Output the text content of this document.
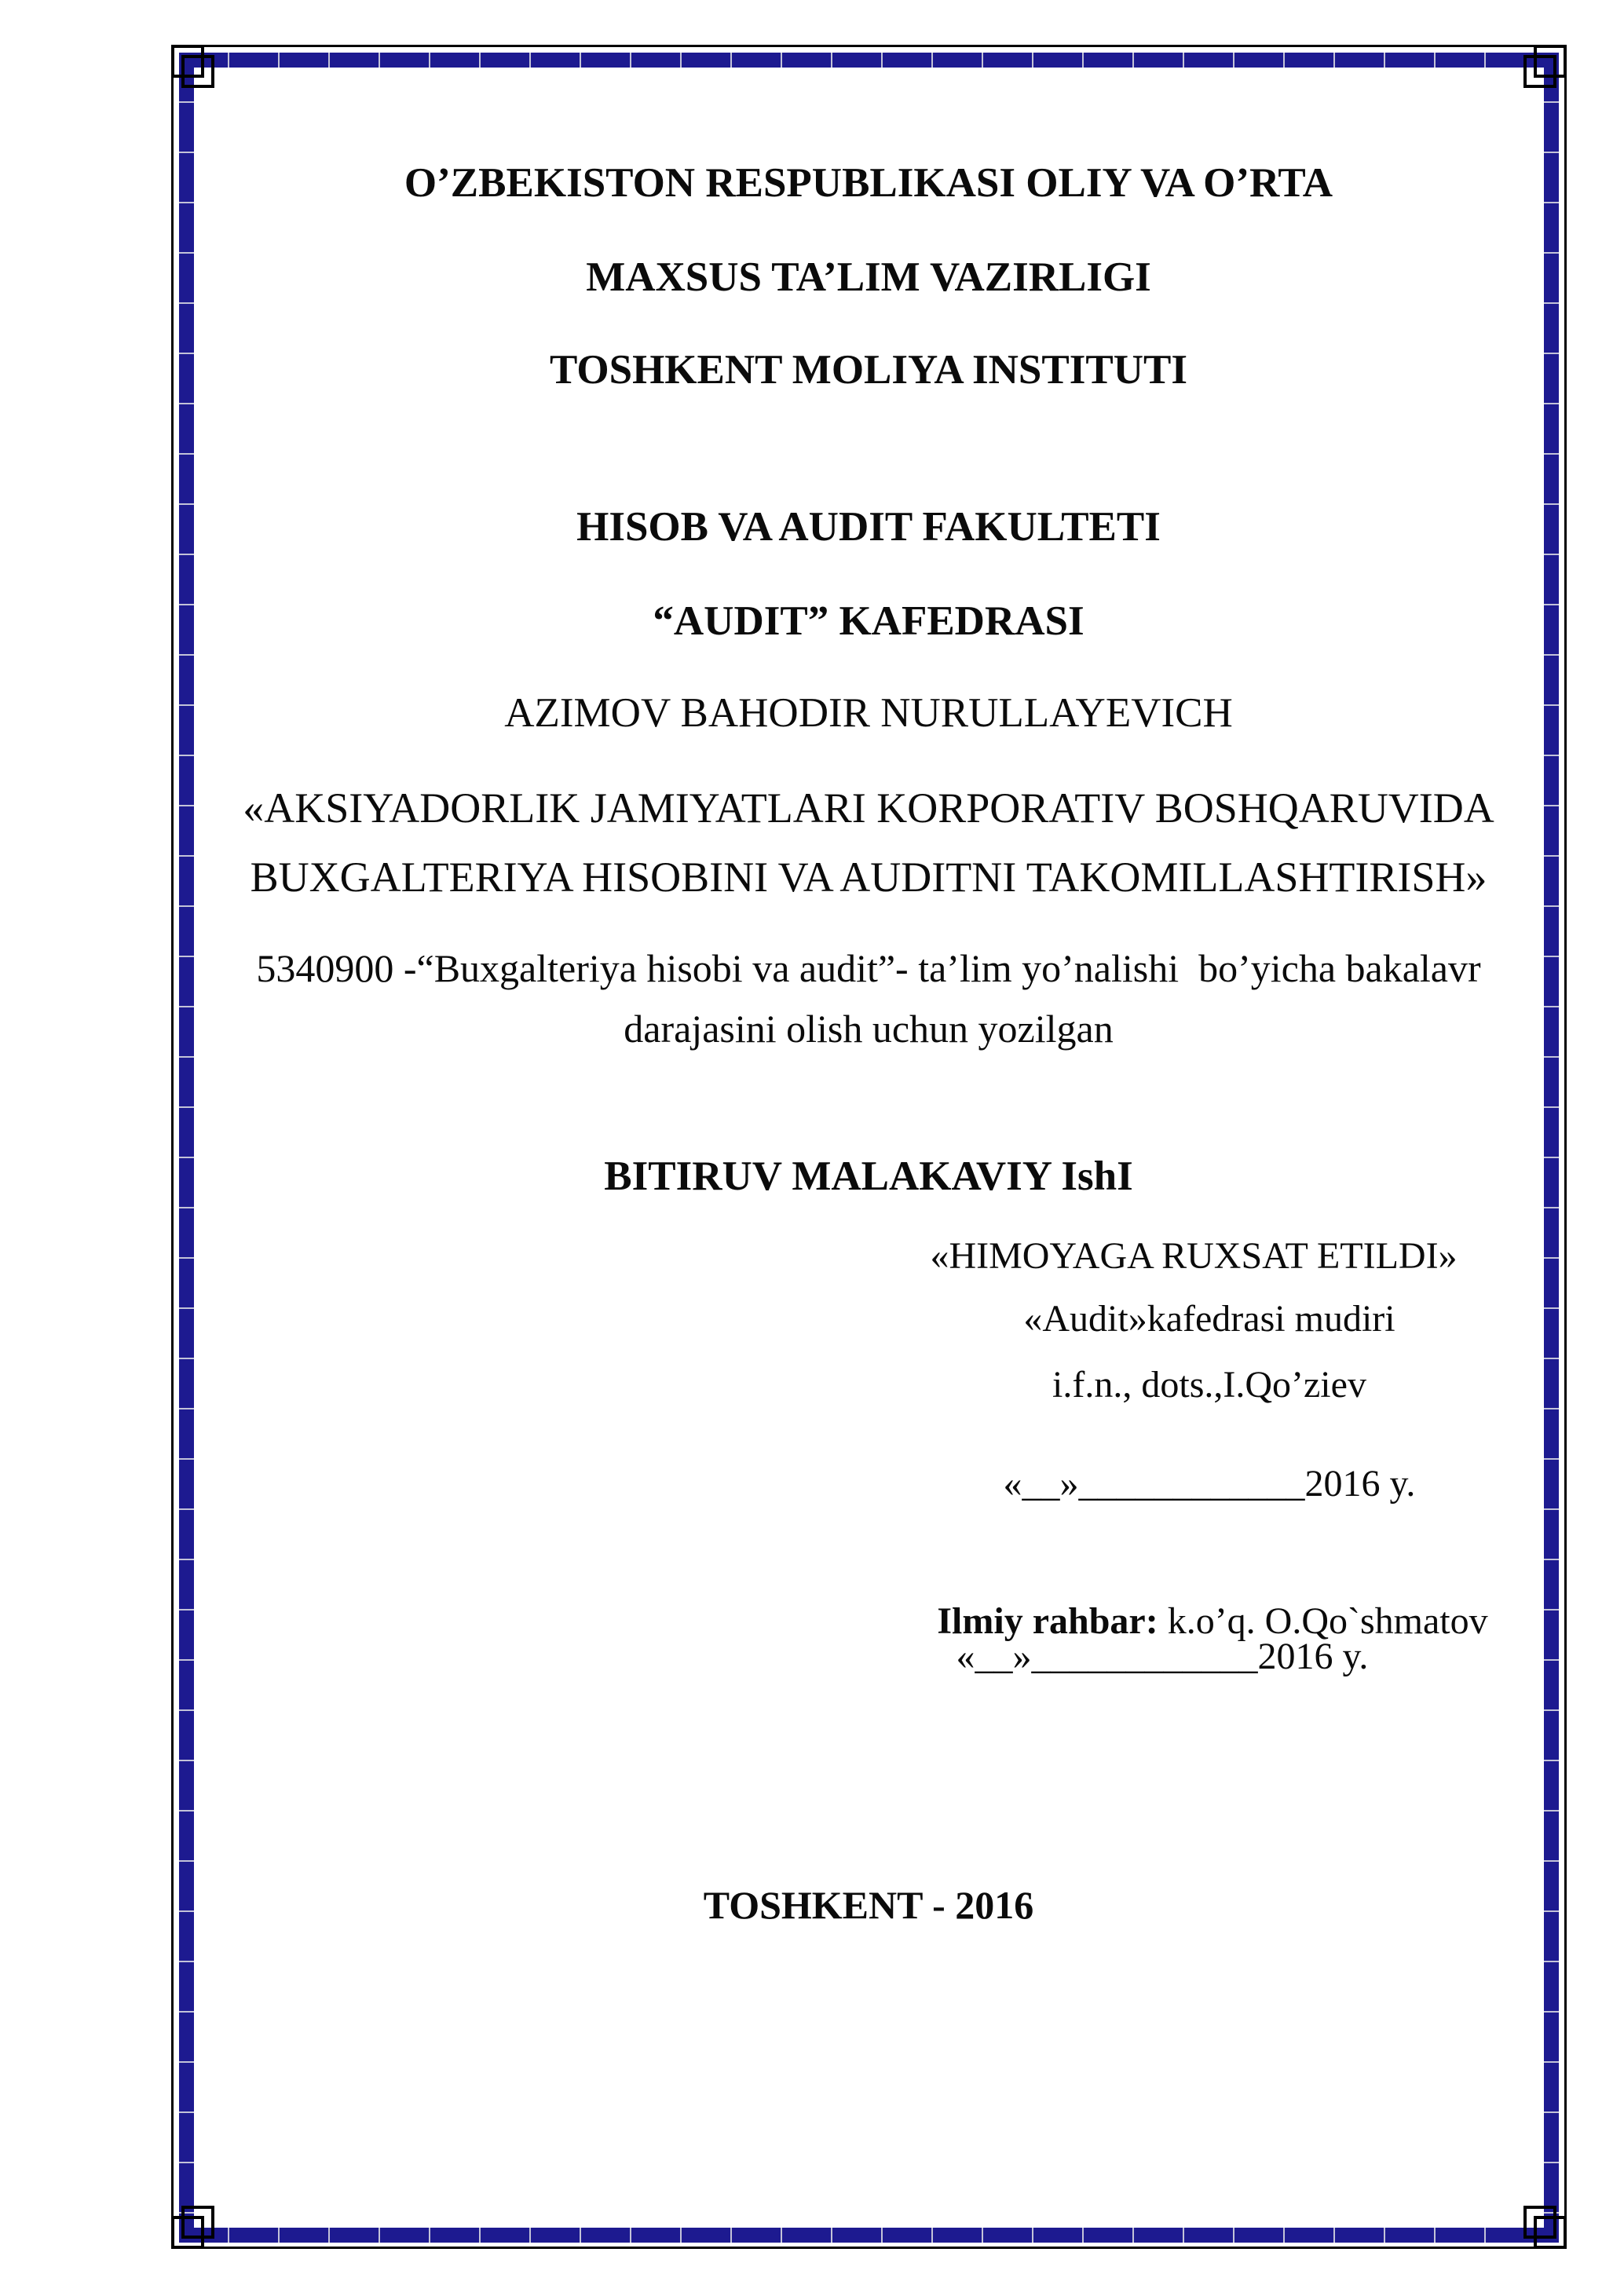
O’ZBEKISTON RESPUBLIKASI OLIY VA O’RTA
MAXSUS TA’LIM VAZIRLIGI
TOSHKENT MOLIYA INSTITUTI
HISOB VA AUDIT FAKULTETI
“AUDIT” KAFEDRASI
AZIMOV BAHODIR NURULLAYEVICH
«AKSIYADORLIK JAMIYATLARI KORPORATIV BOSHQARUVIDA
BUXGALTERIYA HISOBINI VA AUDITNI TAKOMILLASHTIRISH»
5340900 -“Buxgalteriya hisobi va audit”- ta’lim yo’nalishi  bo’yicha bakalavr
darajasini olish uchun yozilgan
BITIRUV MALAKAVIY IshI
«HIMOYAGA RUXSAT ETILDI»
«Audit»kafedrasi mudiri
i.f.n., dots.,I.Qo’ziev
«__»____________2016 y.

Ilmiy rahbar: k.o’q. O.Qo`shmatov

«__»____________2016 y.
TOSHKENT - 2016
